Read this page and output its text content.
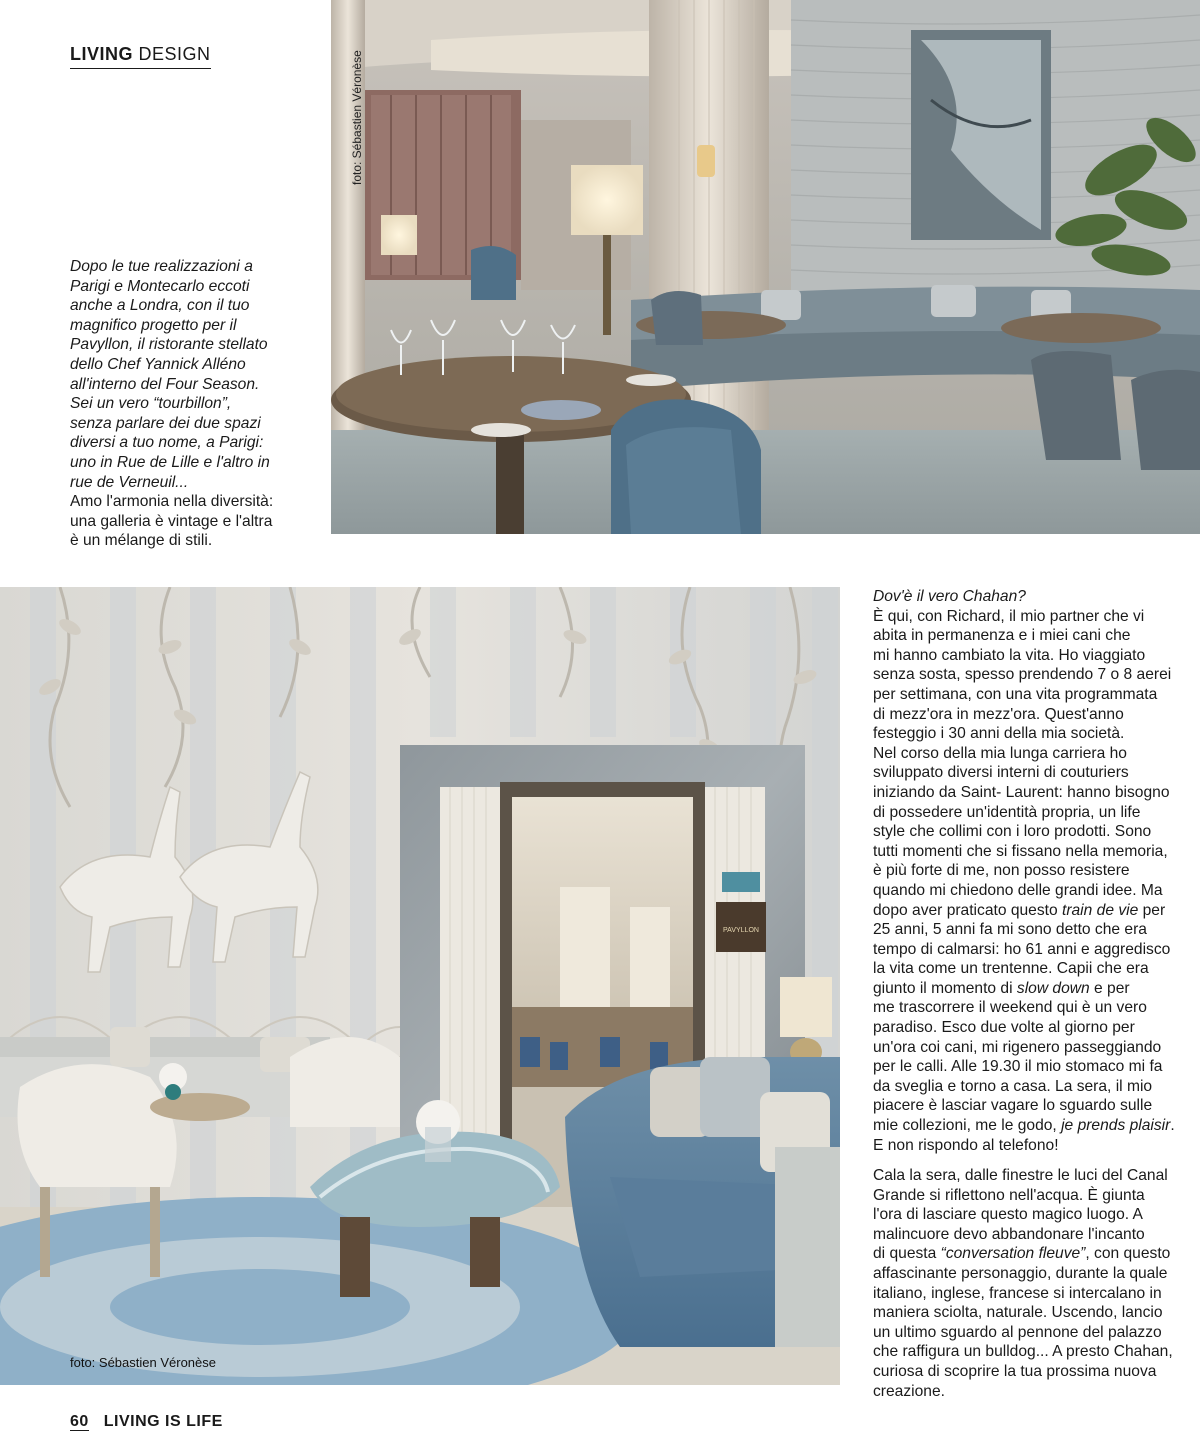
LIVING DESIGN	foto: Sébastien Véronèse

Dopo le tue realizzazioni a
Parigi e Montecarlo eccoti
anche a Londra, con il tuo
magnifico progetto per il
Pavyllon, il ristorante stellato
dello Chef Yannick Alléno
all'interno del Four Season.
Sei un vero “tourbillon”,
senza parlare dei due spazi
diversi a tuo nome, a Parigi:
uno in Rue de Lille e l'altro in
rue de Verneuil...

Amo l'armonia nella diversità:
una galleria è vintage e l'altra
è un mélange di stili.

PAVYLLON
foto: Sébastien Véronèse

Dov'è il vero Chahan?

È qui, con Richard, il mio partner che vi
abita in permanenza e i miei cani che
mi hanno cambiato la vita. Ho viaggiato
senza sosta, spesso prendendo 7 o 8 aerei
per settimana, con una vita programmata
di mezz'ora in mezz'ora. Quest'anno
festeggio i 30 anni della mia società.
Nel corso della mia lunga carriera ho
sviluppato diversi interni di couturiers
iniziando da Saint- Laurent: hanno bisogno
di possedere un'identità propria, un life
style che collimi con i loro prodotti. Sono
tutti momenti che si fissano nella memoria,
è più forte di me, non posso resistere
quando mi chiedono delle grandi idee. Ma
dopo aver praticato questo train de vie per
25 anni, 5 anni fa mi sono detto che era
tempo di calmarsi: ho 61 anni e aggredisco
la vita come un trentenne. Capii che era
giunto il momento di slow down e per
me trascorrere il weekend qui è un vero
paradiso. Esco due volte al giorno per
un'ora coi cani, mi rigenero passeggiando
per le calli. Alle 19.30 il mio stomaco mi fa
da sveglia e torno a casa. La sera, il mio
piacere è lasciar vagare lo sguardo sulle
mie collezioni, me le godo, je prends plaisir.
E non rispondo al telefono!

Cala la sera, dalle finestre le luci del Canal
Grande si riflettono nell'acqua. È giunta
l'ora di lasciare questo magico luogo. A
malincuore devo abbandonare l'incanto
di questa “conversation fleuve”, con questo
affascinante personaggio, durante la quale
italiano, inglese, francese si intercalano in
maniera sciolta, naturale. Uscendo, lancio
un ultimo sguardo al pennone del palazzo
che raffigura un bulldog... A presto Chahan,
curiosa di scoprire la tua prossima nuova
creazione.

60 LIVING IS LIFE
